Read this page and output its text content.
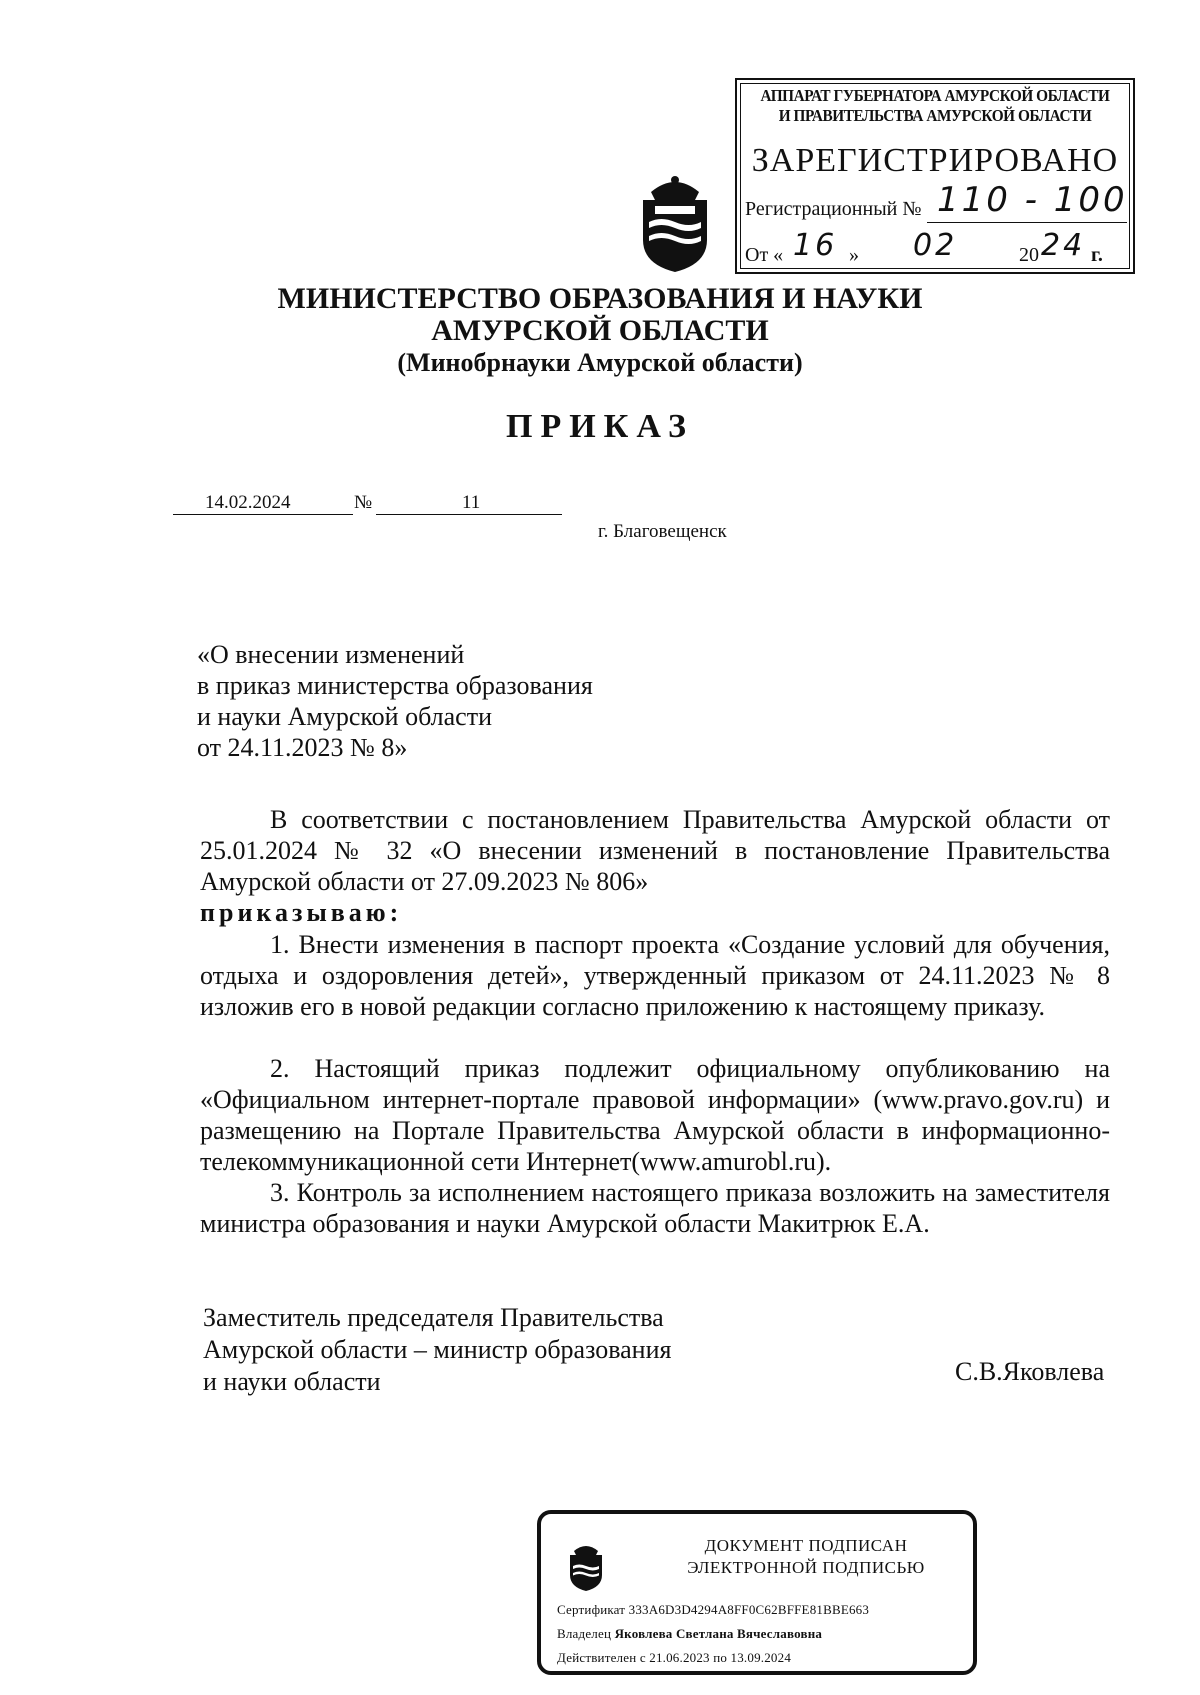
АППАРАТ ГУБЕРНАТОРА АМУРСКОЙ ОБЛАСТИ
И ПРАВИТЕЛЬСТВА АМУРСКОЙ ОБЛАСТИ
ЗАРЕГИСТРИРОВАНО
Регистрационный № 110 - 100
От « 16 » 02	20 24 г.
МИНИСТЕРСТВО ОБРАЗОВАНИЯ И НАУКИ
АМУРСКОЙ ОБЛАСТИ
(Минобрнауки Амурской области)
ПРИКАЗ
14.02.2024	№	11
г. Благовещенск
«О внесении изменений
в приказ министерства образования
и науки Амурской области
от 24.11.2023 № 8»
В соответствии с постановлением Правительства Амурской области от 25.01.2024 № 32 «О внесении изменений в постановление Правительства Амурской области от 27.09.2023 № 806»
приказываю:
1. Внести изменения в паспорт проекта «Создание условий для обучения, отдыха и оздоровления детей», утвержденный приказом от 24.11.2023 № 8 изложив его в новой редакции согласно приложению к настоящему приказу.
2. Настоящий приказ подлежит официальному опубликованию на «Официальном интернет-портале правовой информации» (www.pravo.gov.ru) и размещению на Портале Правительства Амурской области в информационно-телекоммуникационной сети Интернет(www.amurobl.ru).
3. Контроль за исполнением настоящего приказа возложить на заместителя министра образования и науки Амурской области Макитрюк Е.А.
Заместитель председателя Правительства
Амурской области – министр образования
и науки области	С.В.Яковлева
ДОКУМЕНТ ПОДПИСАН
ЭЛЕКТРОННОЙ ПОДПИСЬЮ
Сертификат 333A6D3D4294A8FF0C62BFFE81BBE663
Владелец Яковлева Светлана Вячеславовна
Действителен с 21.06.2023 по 13.09.2024
